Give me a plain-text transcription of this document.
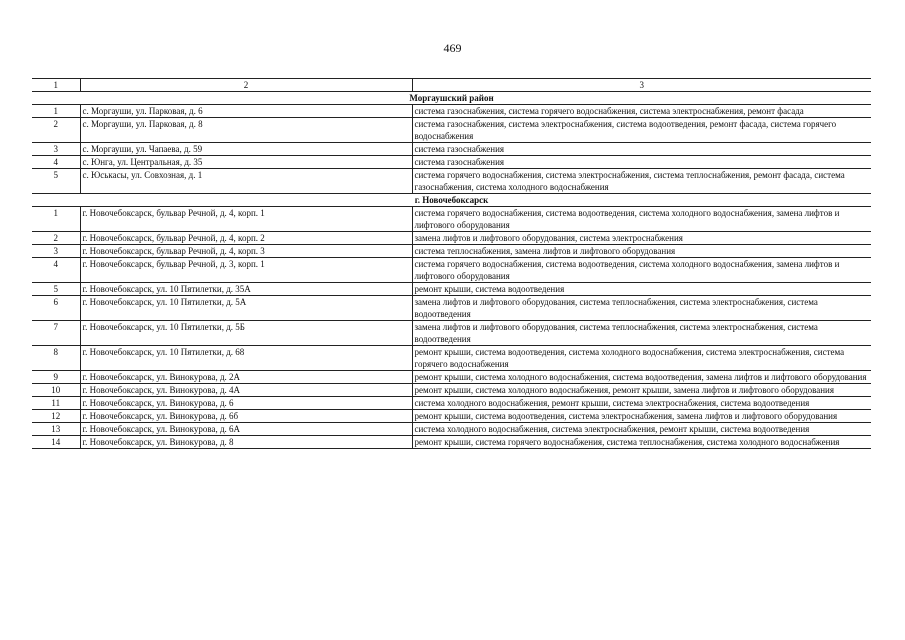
469
1	2	3
Моргаушский район		
1	с. Моргауши, ул. Парковая, д. 6	система газоснабжения, система горячего водоснабжения, система электроснабжения, ремонт фасада
2	с. Моргауши, ул. Парковая, д. 8	система газоснабжения, система электроснабжения, система водоотведения, ремонт фасада, система горячего водоснабжения
3	с. Моргауши, ул. Чапаева, д. 59	система газоснабжения
4	с. Юнга, ул. Центральная, д. 35	система газоснабжения
5	с. Юськасы, ул. Совхозная, д. 1	система горячего водоснабжения, система электроснабжения, система теплоснабжения, ремонт фасада, система газоснабжения, система холодного водоснабжения
г. Новочебоксарск		
1	г. Новочебоксарск, бульвар Речной, д. 4, корп. 1	система горячего водоснабжения, система водоотведения, система холодного водоснабжения, замена лифтов и лифтового оборудования
2	г. Новочебоксарск, бульвар Речной, д. 4, корп. 2	замена лифтов и лифтового оборудования, система электроснабжения
3	г. Новочебоксарск, бульвар Речной, д. 4, корп. 3	система теплоснабжения, замена лифтов и лифтового оборудования
4	г. Новочебоксарск, бульвар Речной, д. 3, корп. 1	система горячего водоснабжения, система водоотведения, система холодного водоснабжения, замена лифтов и лифтового оборудования
5	г. Новочебоксарск, ул. 10 Пятилетки, д. 35А	ремонт крыши, система водоотведения
6	г. Новочебоксарск, ул. 10 Пятилетки, д. 5А	замена лифтов и лифтового оборудования, система теплоснабжения, система электроснабжения, система водоотведения
7	г. Новочебоксарск, ул. 10 Пятилетки, д. 5Б	замена лифтов и лифтового оборудования, система теплоснабжения, система электроснабжения, система водоотведения
8	г. Новочебоксарск, ул. 10 Пятилетки, д. 68	ремонт крыши, система водоотведения, система холодного водоснабжения, система электроснабжения, система горячего водоснабжения
9	г. Новочебоксарск, ул. Винокурова, д. 2А	ремонт крыши, система холодного водоснабжения, система водоотведения, замена лифтов и лифтового оборудования
10	г. Новочебоксарск, ул. Винокурова, д. 4А	ремонт крыши, система холодного водоснабжения, ремонт крыши, замена лифтов и лифтового оборудования
11	г. Новочебоксарск, ул. Винокурова, д. 6	система холодного водоснабжения, ремонт крыши, система электроснабжения, система водоотведения
12	г. Новочебоксарск, ул. Винокурова, д. 6б	ремонт крыши, система водоотведения, система электроснабжения, замена лифтов и лифтового оборудования
13	г. Новочебоксарск, ул. Винокурова, д. 6А	система холодного водоснабжения, система электроснабжения, ремонт крыши, система водоотведения
14	г. Новочебоксарск, ул. Винокурова, д. 8	ремонт крыши, система горячего водоснабжения, система теплоснабжения, система холодного водоснабжения
